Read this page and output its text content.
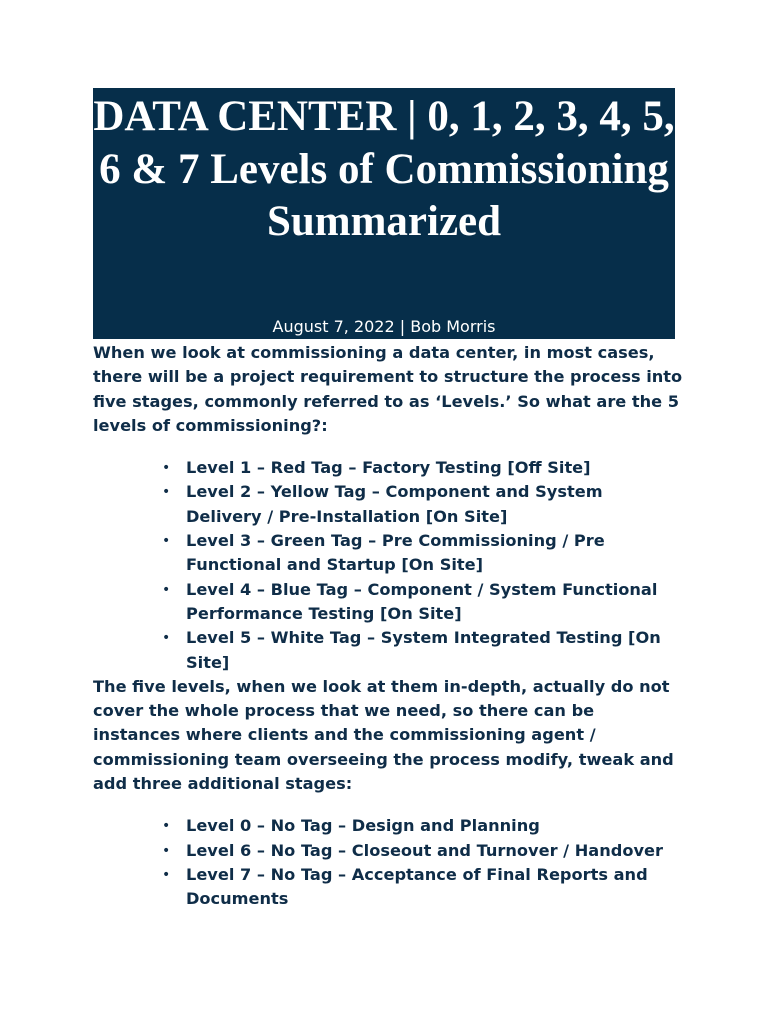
DATA CENTER | 0, 1, 2, 3, 4, 5, 6 & 7 Levels of Commissioning Summarized
August 7, 2022 | Bob Morris

When we look at commissioning a data center, in most cases, there will be a project requirement to structure the process into five stages, commonly referred to as ‘Levels.’ So what are the 5 levels of commissioning?:

• Level 1 – Red Tag – Factory Testing [Off Site]
• Level 2 – Yellow Tag – Component and System Delivery / Pre-Installation [On Site]
• Level 3 – Green Tag – Pre Commissioning / Pre Functional and Startup [On Site]
• Level 4 – Blue Tag – Component / System Functional Performance Testing [On Site]
• Level 5 – White Tag – System Integrated Testing [On Site]

The five levels, when we look at them in-depth, actually do not cover the whole process that we need, so there can be instances where clients and the commissioning agent / commissioning team overseeing the process modify, tweak and add three additional stages:

• Level 0 – No Tag – Design and Planning
• Level 6 – No Tag – Closeout and Turnover / Handover
• Level 7 – No Tag – Acceptance of Final Reports and Documents
